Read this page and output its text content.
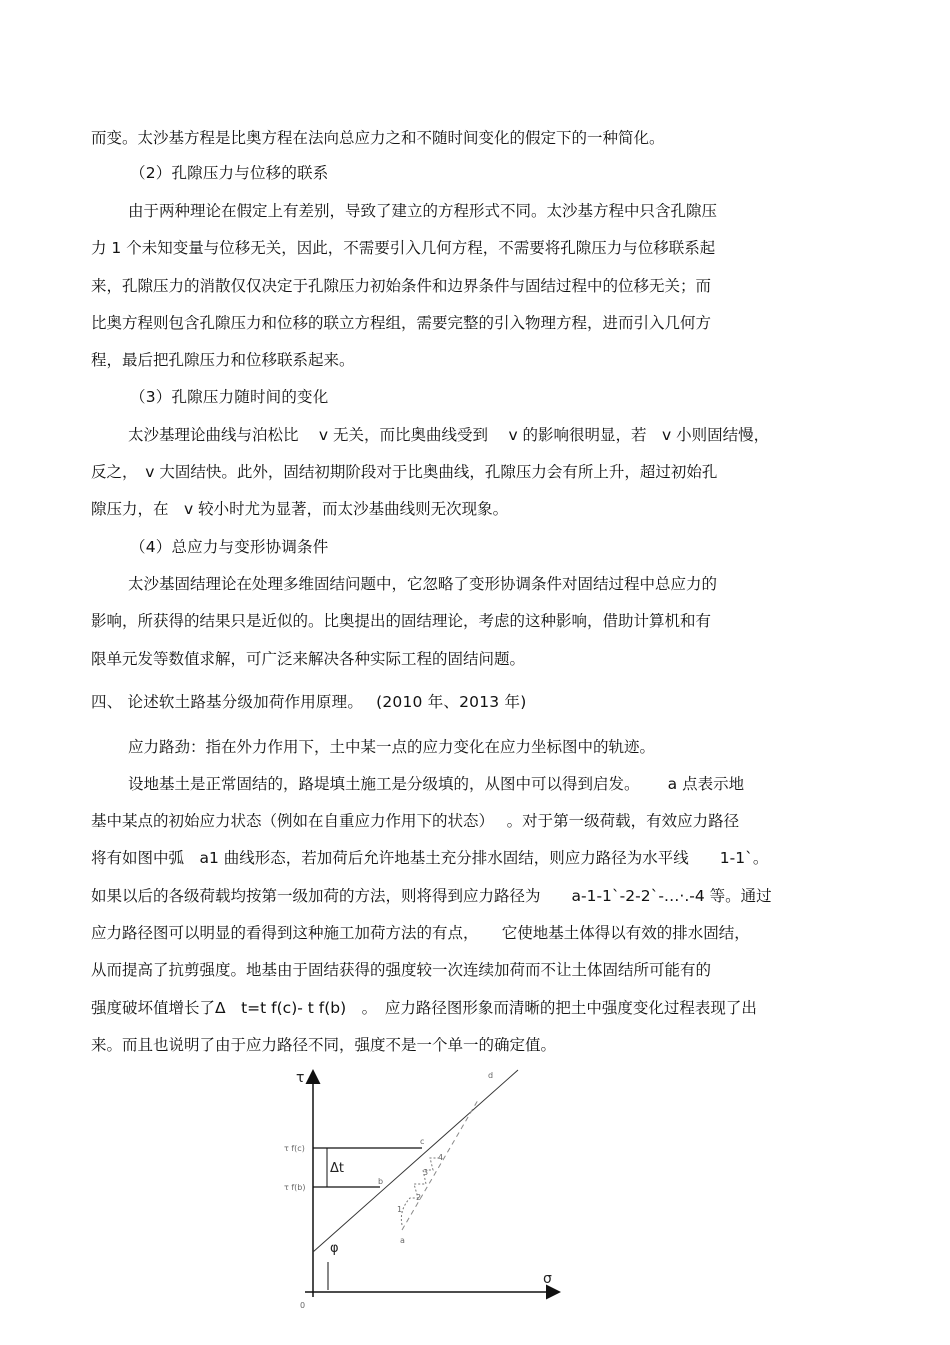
而变。太沙基方程是比奥方程在法向总应力之和不随时间变化的假定下的一种简化。
（2）孔隙压力与位移的联系
由于两种理论在假定上有差别，导致了建立的方程形式不同。太沙基方程中只含孔隙压
力 1 个未知变量与位移无关，因此，不需要引入几何方程，不需要将孔隙压力与位移联系起
来，孔隙压力的消散仅仅决定于孔隙压力初始条件和边界条件与固结过程中的位移无关；而
比奥方程则包含孔隙压力和位移的联立方程组，需要完整的引入物理方程，进而引入几何方
程，最后把孔隙压力和位移联系起来。
（3）孔隙压力随时间的变化
太沙基理论曲线与泊松比　 v 无关，而比奥曲线受到　 v 的影响很明显，若　v 小则固结慢，
反之，　v 大固结快。此外，固结初期阶段对于比奥曲线，孔隙压力会有所上升，超过初始孔
隙压力，在　v 较小时尤为显著，而太沙基曲线则无次现象。
（4）总应力与变形协调条件
太沙基固结理论在处理多维固结问题中，它忽略了变形协调条件对固结过程中总应力的
影响，所获得的结果只是近似的。比奥提出的固结理论，考虑的这种影响，借助计算机和有
限单元发等数值求解，可广泛来解决各种实际工程的固结问题。
四、 论述软土路基分级加荷作用原理。　 (2010 年、2013 年)
应力路劲：指在外力作用下，土中某一点的应力变化在应力坐标图中的轨迹。
设地基土是正常固结的，路堤填土施工是分级填的，从图中可以得到启发。　　 a 点表示地
基中某点的初始应力状态（例如在自重应力作用下的状态）　 。对于第一级荷载，有效应力路径
将有如图中弧　a1 曲线形态，若加荷后允许地基土充分排水固结，则应力路径为水平线　　1-1`。
如果以后的各级荷载均按第一级加荷的方法，则将得到应力路径为　　a-1-1`-2-2`-…·.-4 等。通过
应力路径图可以明显的看得到这种施工加荷方法的有点，　　它使地基土体得以有效的排水固结，
从而提高了抗剪强度。地基由于固结获得的强度较一次连续加荷而不让土体固结所可能有的
强度破坏值增长了Δ　t=t f(c)- t f(b)　。　应力路径图形象而清晰的把土中强度变化过程表现了出
来。而且也说明了由于应力路径不同，强度不是一个单一的确定值。
τ
σ
0
τ f(c)
τ f(b)
Δt
φ
c
b
d
a
1
2
3
4
